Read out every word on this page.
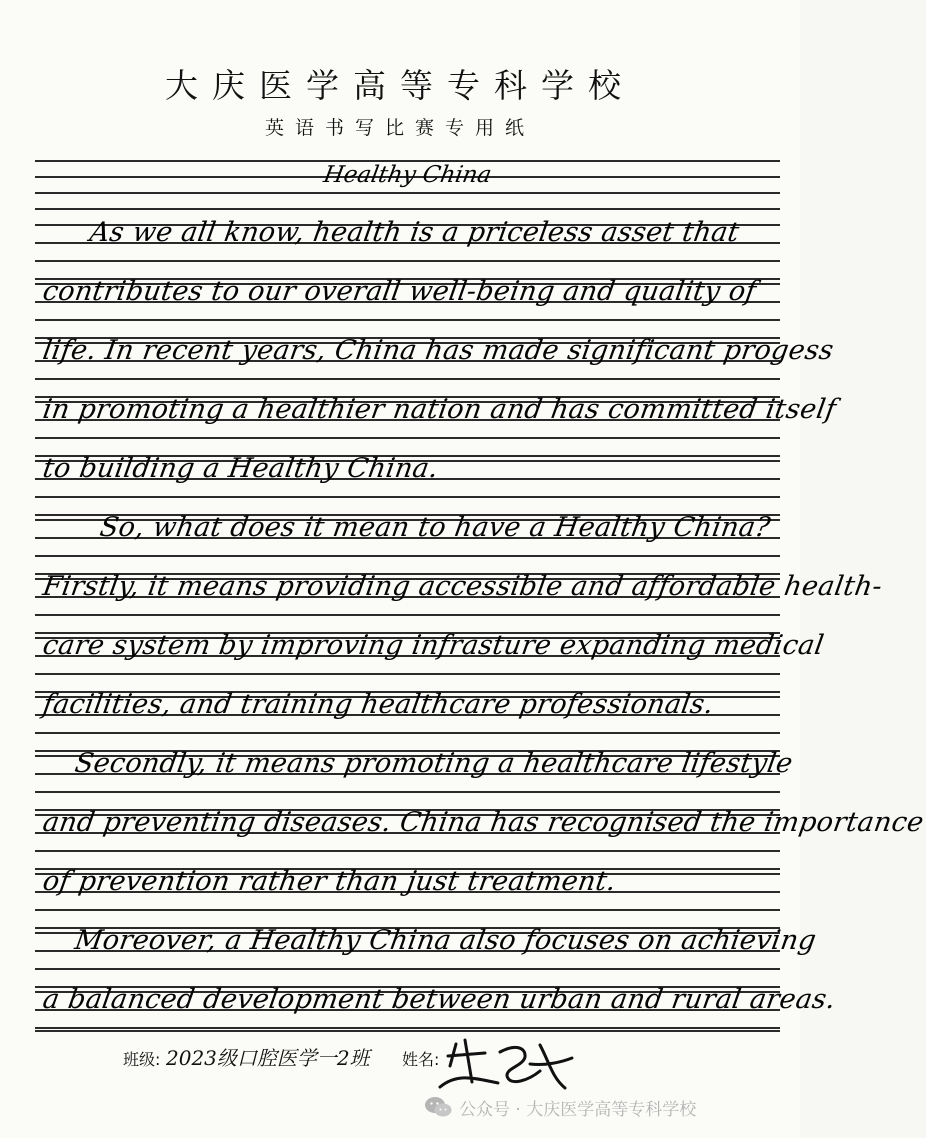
大庆医学高等专科学校
英语书写比赛专用纸
Healthy China
As we all know, health is a priceless asset that
contributes to our overall well-being and quality of
life. In recent years, China has made significant progess
in promoting a healthier nation and has committed itself
to building a Healthy China.
So, what does it mean to have a Healthy China?
Firstly, it means providing accessible and affordable health-
care system by improving infrasture expanding medical
facilities, and training healthcare professionals.
Secondly, it means promoting a healthcare lifestyle
and preventing diseases. China has recognised the importance
of prevention rather than just treatment.
Moreover, a Healthy China also focuses on achieving
a balanced development between urban and rural areas.
班级: 2023级口腔医学一2班 姓名:
公众号 · 大庆医学高等专科学校
